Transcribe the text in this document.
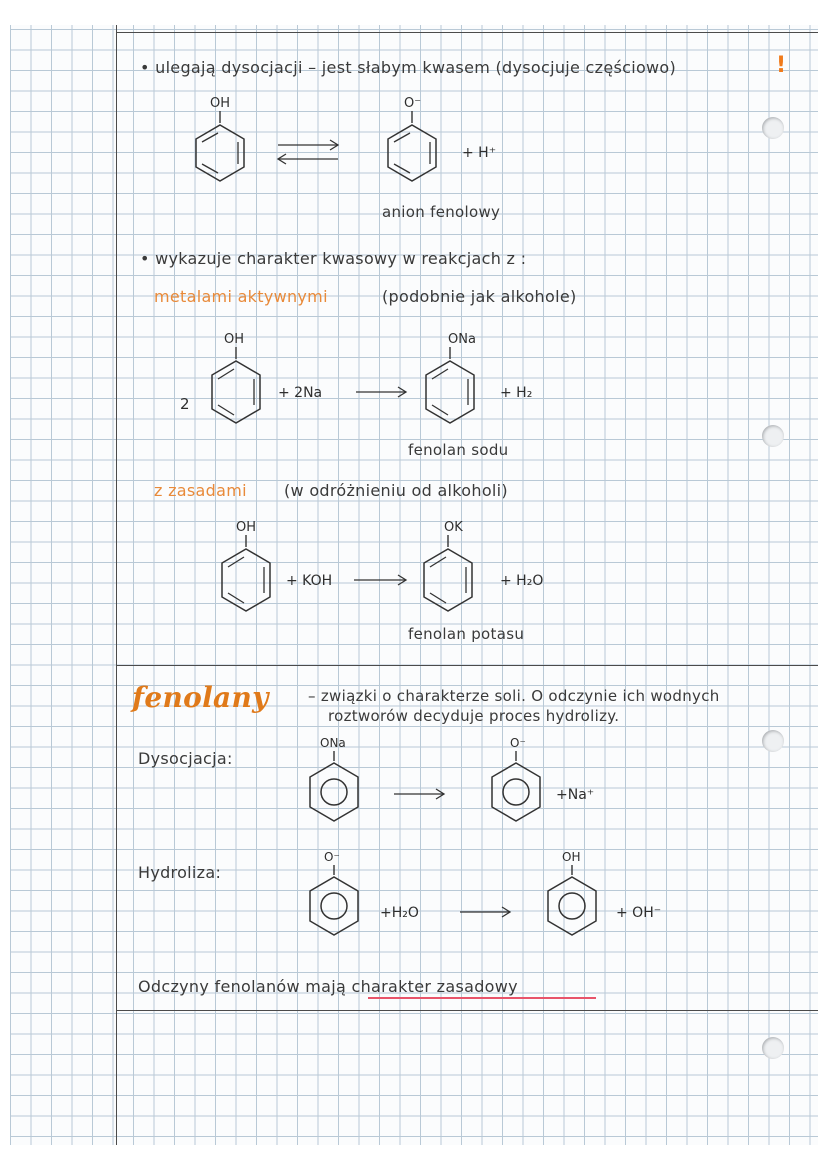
• ulegają dysocjacji – jest słabym kwasem (dysocjuje częściowo)	!
OH	O⁻
+ H⁺
anion fenolowy
• wykazuje charakter kwasowy w reakcjach z :
metalami aktywnymi	(podobnie jak alkohole)
2
OH
+ 2Na
ONa
+ H₂
fenolan sodu
z zasadami (w odróżnieniu od alkoholi)
OH
+ KOH
OK
+ H₂O
fenolan potasu
fenolany	– związki o charakterze soli. O odczynie ich wodnych
roztworów decyduje proces hydrolizy.
Dysocjacja:
ONa	O⁻
+Na⁺
Hydroliza:
O⁻
+H₂O
OH
+ OH⁻
Odczyny fenolanów mają charakter zasadowy
